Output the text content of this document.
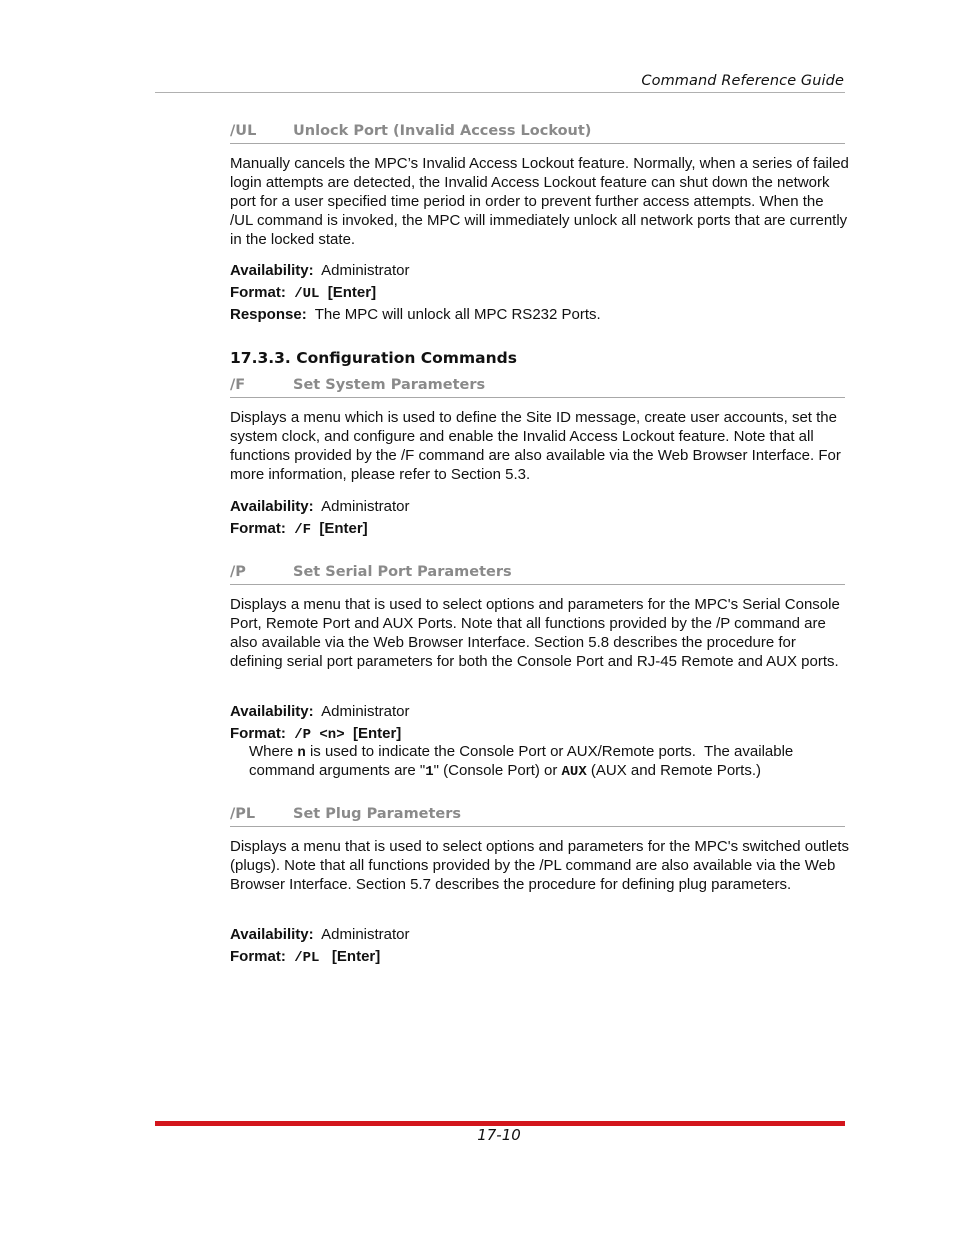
Command Reference Guide
/UL	Unlock Port (Invalid Access Lockout)

Manually cancels the MPC’s Invalid Access Lockout feature. Normally, when a series of failed login attempts are detected, the Invalid Access Lockout feature can shut down the network port for a user specified time period in order to prevent further access attempts. When the /UL command is invoked, the MPC will immediately unlock all network ports that are currently in the locked state.

Availability: Administrator
Format: /UL [Enter]
Response: The MPC will unlock all MPC RS232 Ports.
17.3.3. Configuration Commands
/F	Set System Parameters

Displays a menu which is used to define the Site ID message, create user accounts, set the system clock, and configure and enable the Invalid Access Lockout feature. Note that all functions provided by the /F command are also available via the Web Browser Interface. For more information, please refer to Section 5.3.

Availability: Administrator
Format: /F [Enter]
/P	Set Serial Port Parameters

Displays a menu that is used to select options and parameters for the MPC's Serial Console Port, Remote Port and AUX Ports. Note that all functions provided by the /P command are also available via the Web Browser Interface. Section 5.8 describes the procedure for defining serial port parameters for both the Console Port and RJ-45 Remote and AUX ports.

Availability: Administrator
Format: /P <n> [Enter]
Where n is used to indicate the Console Port or AUX/Remote ports.  The available
command arguments are "1" (Console Port) or AUX (AUX and Remote Ports.)
/PL	Set Plug Parameters

Displays a menu that is used to select options and parameters for the MPC's switched outlets (plugs). Note that all functions provided by the /PL command are also available via the Web Browser Interface. Section 5.7 describes the procedure for defining plug parameters.

Availability: Administrator
Format: /PL [Enter]
17-10
